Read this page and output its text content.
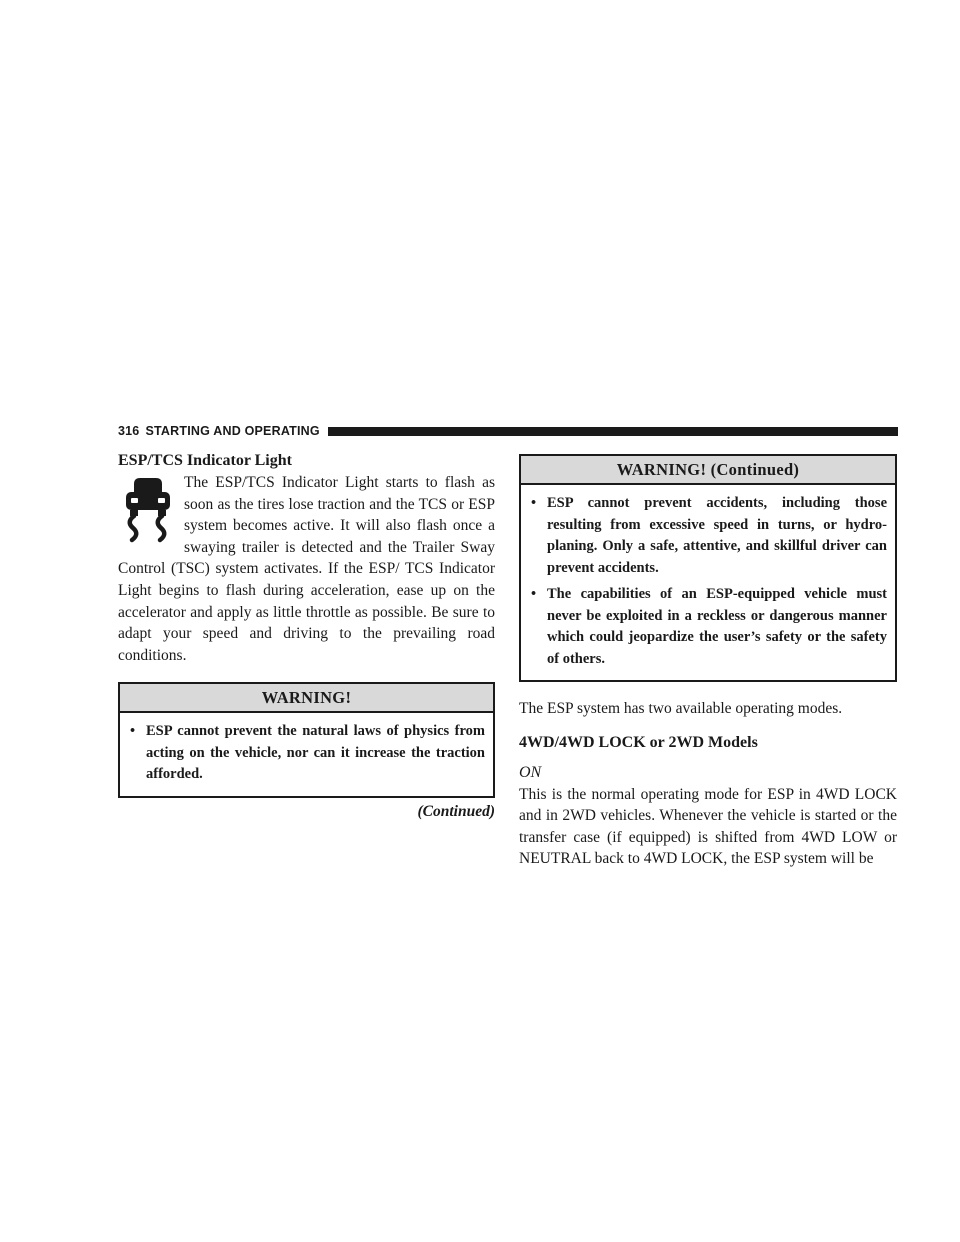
316 STARTING AND OPERATING
ESP/TCS Indicator Light

The ESP/TCS Indicator Light starts to flash as soon as the tires lose traction and the TCS or ESP system becomes active. It will also flash once a swaying trailer is detected and the Trailer Sway Control (TSC) system activates. If the ESP/ TCS Indicator Light begins to flash during acceleration, ease up on the accelerator and apply as little throttle as possible. Be sure to adapt your speed and driving to the prevailing road conditions.

WARNING!
• ESP cannot prevent the natural laws of physics from acting on the vehicle, nor can it increase the traction afforded.
(Continued)
WARNING! (Continued)
• ESP cannot prevent accidents, including those resulting from excessive speed in turns, or hydro- planing. Only a safe, attentive, and skillful driver can prevent accidents.
• The capabilities of an ESP-equipped vehicle must never be exploited in a reckless or dangerous manner which could jeopardize the user’s safety or the safety of others.

The ESP system has two available operating modes.

4WD/4WD LOCK or 2WD Models
ON

This is the normal operating mode for ESP in 4WD LOCK and in 2WD vehicles. Whenever the vehicle is started or the transfer case (if equipped) is shifted from 4WD LOW or NEUTRAL back to 4WD LOCK, the ESP system will be
